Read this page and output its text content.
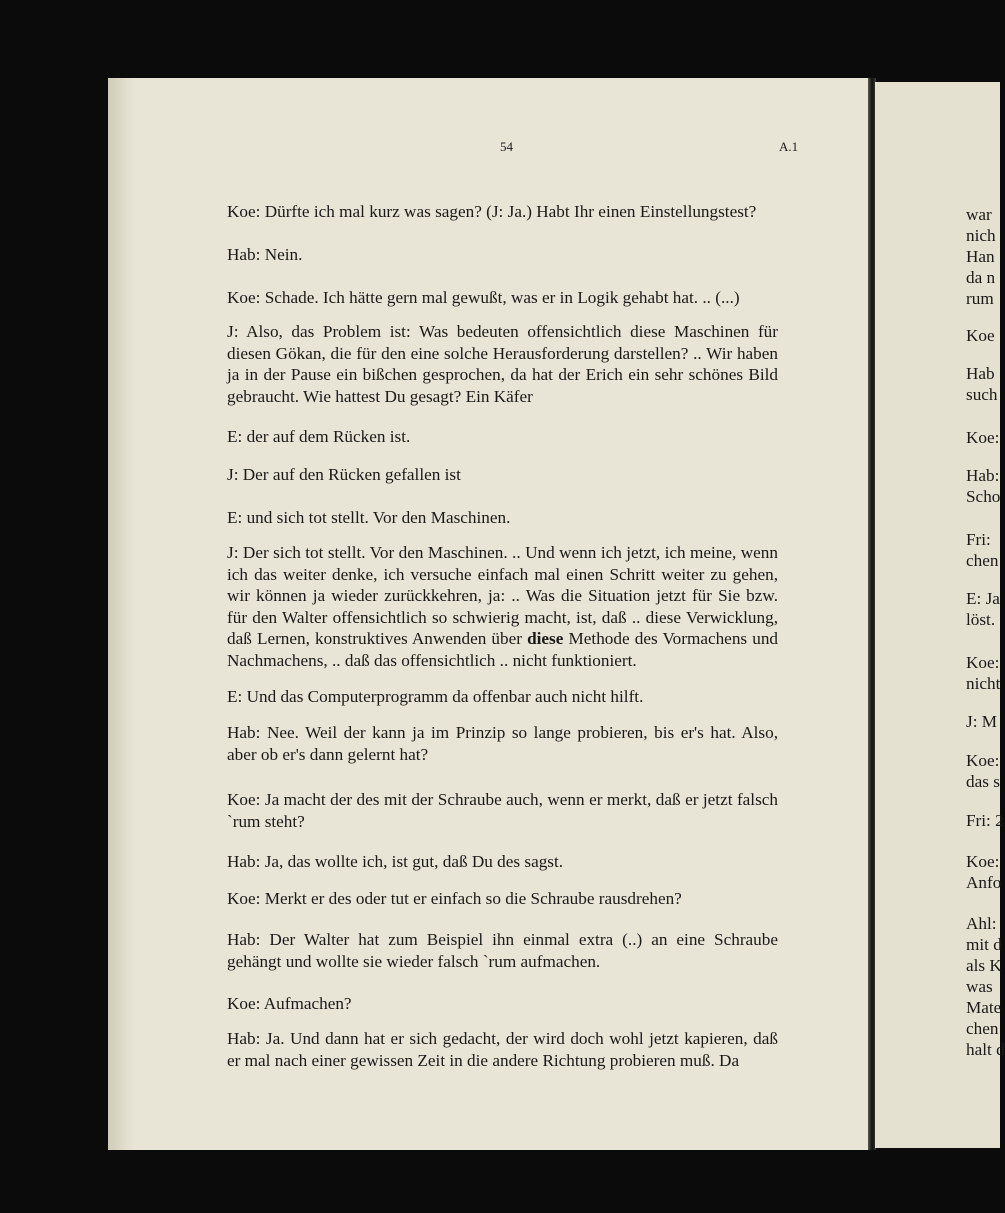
54	A.1

Koe: Dürfte ich mal kurz was sagen? (J: Ja.) Habt Ihr einen Einstellungstest?

Hab: Nein.

Koe: Schade. Ich hätte gern mal gewußt, was er in Logik gehabt hat. .. (...)

J: Also, das Problem ist: Was bedeuten offensichtlich diese Maschinen für diesen Gökan, die für den eine solche Herausforderung darstellen? .. Wir haben ja in der Pause ein bißchen gesprochen, da hat der Erich ein sehr schönes Bild gebraucht. Wie hattest Du gesagt? Ein Käfer

E: der auf dem Rücken ist.

J: Der auf den Rücken gefallen ist

E: und sich tot stellt. Vor den Maschinen.

J: Der sich tot stellt. Vor den Maschinen. .. Und wenn ich jetzt, ich meine, wenn ich das weiter denke, ich versuche einfach mal einen Schritt weiter zu gehen, wir können ja wieder zurückkehren, ja: .. Was die Situation jetzt für Sie bzw. für den Walter offensichtlich so schwierig macht, ist, daß .. diese Verwicklung, daß Lernen, konstruktives Anwenden über diese Methode des Vormachens und Nachmachens, .. daß das offensichtlich .. nicht funktioniert.

E: Und das Computerprogramm da offenbar auch nicht hilft.

Hab: Nee. Weil der kann ja im Prinzip so lange probieren, bis er's hat. Also, aber ob er's dann gelernt hat?

Koe: Ja macht der des mit der Schraube auch, wenn er merkt, daß er jetzt falsch `rum steht?

Hab: Ja, das wollte ich, ist gut, daß Du des sagst.

Koe: Merkt er des oder tut er einfach so die Schraube rausdrehen?

Hab: Der Walter hat zum Beispiel ihn einmal extra (..) an eine Schraube gehängt und wollte sie wieder falsch `rum aufmachen.

Koe: Aufmachen?

Hab: Ja. Und dann hat er sich gedacht, der wird doch wohl jetzt kapieren, daß er mal nach einer gewissen Zeit in die andere Richtung probieren muß. Da

war
nich
Han
da n
rum
Koe
Hab
such
Koe:
Hab:
Scho
Fri:
chen
E: Ja
löst.
Koe:
nicht
J: M
Koe:
das s
Fri: 2
Koe:
Anfo
Ahl:
mit d
als K
was
Mate
chen
halt d
